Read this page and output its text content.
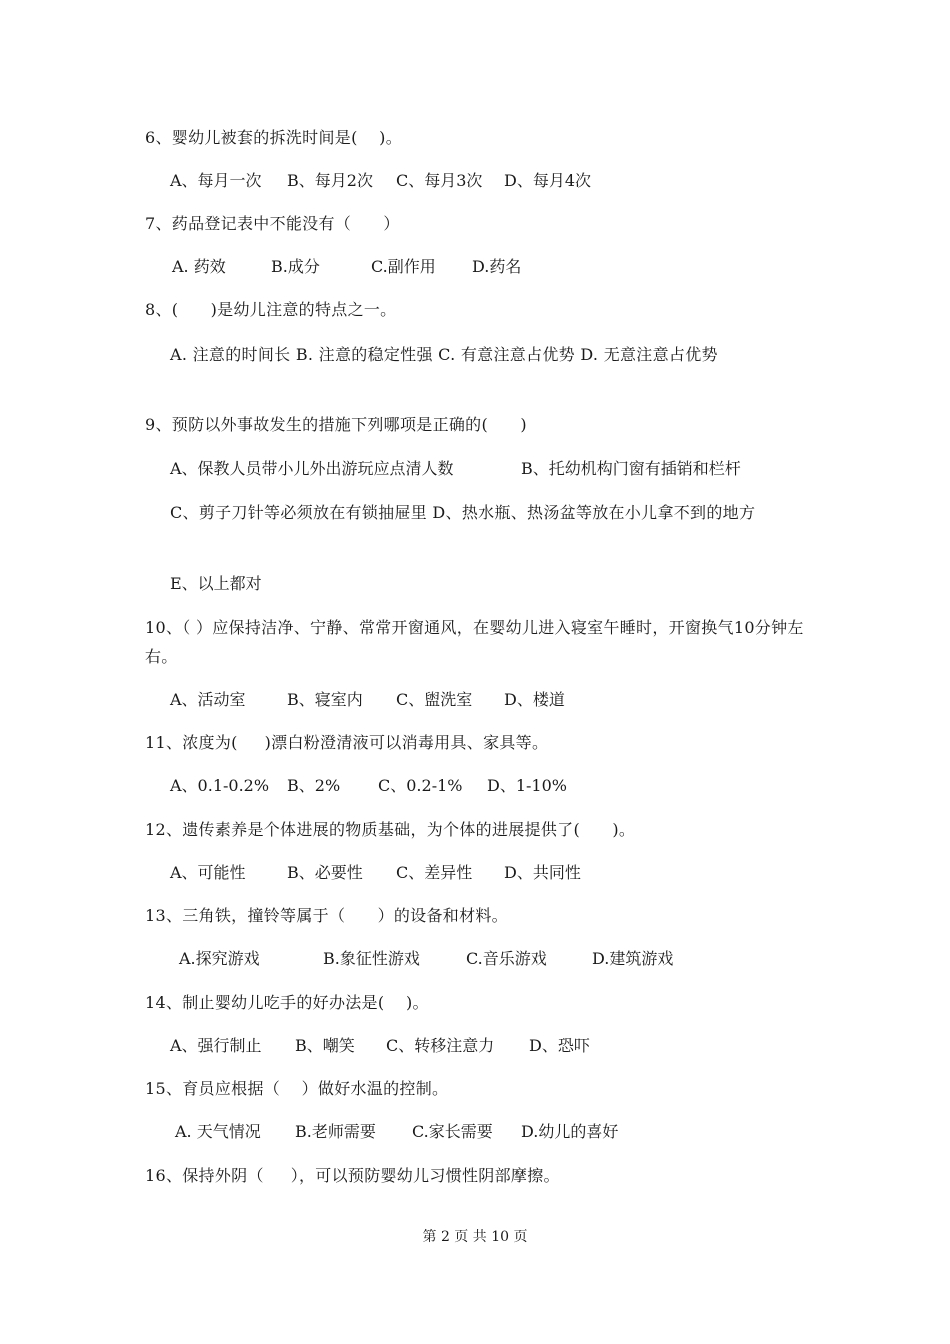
6、婴幼儿被套的拆洗时间是(    )。
A、每月一次 B、每月2次 C、每月3次 D、每月4次
7、药品登记表中不能没有（      ）
A. 药效	B.成分	C.副作用 D.药名
8、(      )是幼儿注意的特点之一。
A. 注意的时间长 B. 注意的稳定性强 C. 有意注意占优势 D. 无意注意占优势
9、预防以外事故发生的措施下列哪项是正确的(      )
A、保教人员带小儿外出游玩应点清人数	B、托幼机构门窗有插销和栏杆
C、剪子刀针等必须放在有锁抽屉里 D、热水瓶、热汤盆等放在小儿拿不到的地方
E、以上都对
10、（ ）应保持洁净、宁静、常常开窗通风，在婴幼儿进入寝室午睡时，开窗换气10分钟左右。
A、活动室	B、寝室内 C、盥洗室 D、楼道
11、浓度为(     )漂白粉澄清液可以消毒用具、家具等。
A、0.1-0.2% B、2% C、0.2-1% D、1-10%
12、遗传素养是个体进展的物质基础，为个体的进展提供了(      )。
A、可能性	B、必要性 C、差异性 D、共同性
13、三角铁，撞铃等属于（      ）的设备和材料。
A.探究游戏	B.象征性游戏	C.音乐游戏	D.建筑游戏
14、制止婴幼儿吃手的好办法是(    )。
A、强行制止 B、嘲笑 C、转移注意力 D、恐吓
15、育员应根据（    ）做好水温的控制。
A. 天气情况 B.老师需要 C.家长需要 D.幼儿的喜好
16、保持外阴（     ），可以预防婴幼儿习惯性阴部摩擦。
第 2 页 共 10 页
